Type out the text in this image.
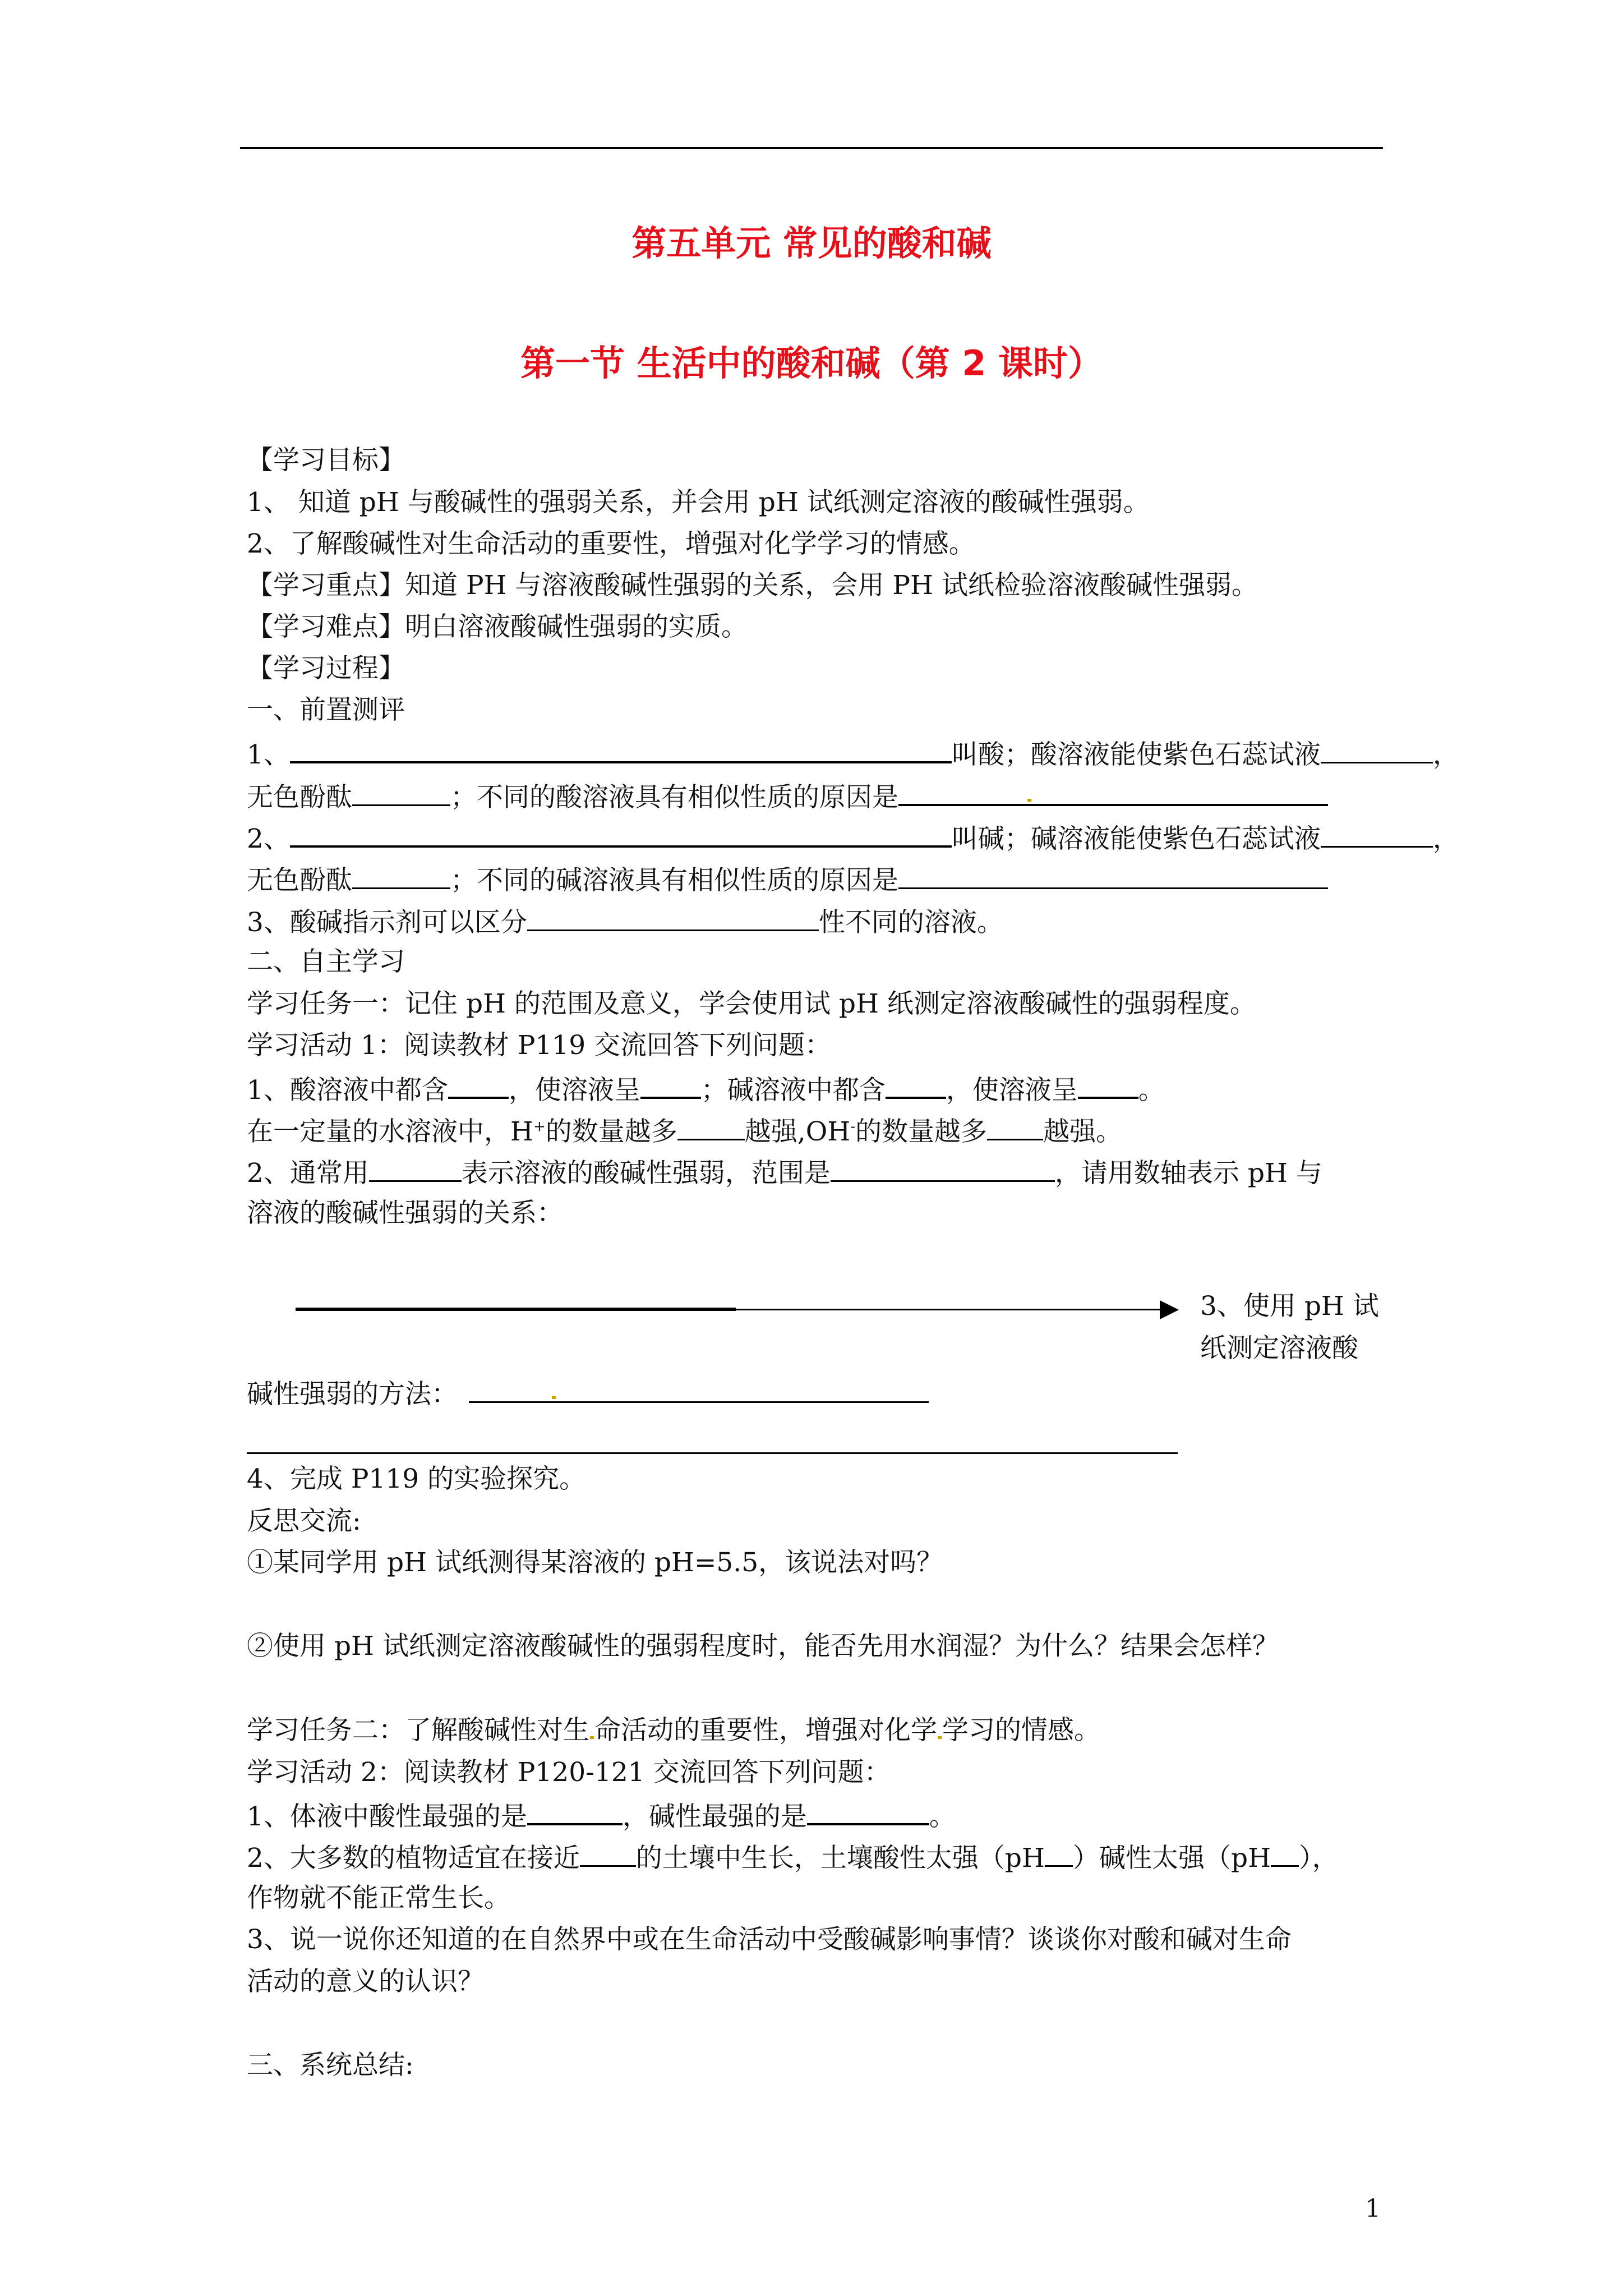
第五单元 常见的酸和碱
第一节 生活中的酸和碱（第 2 课时）
【学习目标】
1、 知道 pH 与酸碱性的强弱关系，并会用 pH 试纸测定溶液的酸碱性强弱。
2、了解酸碱性对生命活动的重要性，增强对化学学习的情感。
【学习重点】知道 PH 与溶液酸碱性强弱的关系，会用 PH 试纸检验溶液酸碱性强弱。
【学习难点】明白溶液酸碱性强弱的实质。
【学习过程】
一、前置测评
1、	叫酸；酸溶液能使紫色石蕊试液	，
无色酚酞	；不同的酸溶液具有相似性质的原因是
2、	叫碱；碱溶液能使紫色石蕊试液	，
无色酚酞	；不同的碱溶液具有相似性质的原因是
3、酸碱指示剂可以区分	性不同的溶液。
二、自主学习
学习任务一：记住 pH 的范围及意义，学会使用试 pH 纸测定溶液酸碱性的强弱程度。
学习活动 1：阅读教材 P119 交流回答下列问题：
1、酸溶液中都含 ，使溶液呈 ；碱溶液中都含 ，使溶液呈 。
在一定量的水溶液中，H+的数量越多	越强,OH-的数量越多 越强。
2、通常用	表示溶液的酸碱性强弱，范围是	，请用数轴表示 pH 与
溶液的酸碱性强弱的关系：
3、使用 pH 试
纸测定溶液酸
碱性强弱的方法：
4、完成 P119 的实验探究。
反思交流:
①某同学用 pH 试纸测得某溶液的 pH=5.5，该说法对吗？
②使用 pH 试纸测定溶液酸碱性的强弱程度时，能否先用水润湿？为什么？结果会怎样？
学习任务二：了解酸碱性对生 命活动的重要性，增强对化学 学习的情感。
学习活动 2：阅读教材 P120-121 交流回答下列问题：
1、体液中酸性最强的是	，碱性最强的是	。
2、大多数的植物适宜在接近 的土壤中生长，土壤酸性太强（pH ）碱性太强（pH ），
作物就不能正常生长。
3、说一说你还知道的在自然界中或在生命活动中受酸碱影响事情？谈谈你对酸和碱对生命
活动的意义的认识？
三、系统总结:
1
